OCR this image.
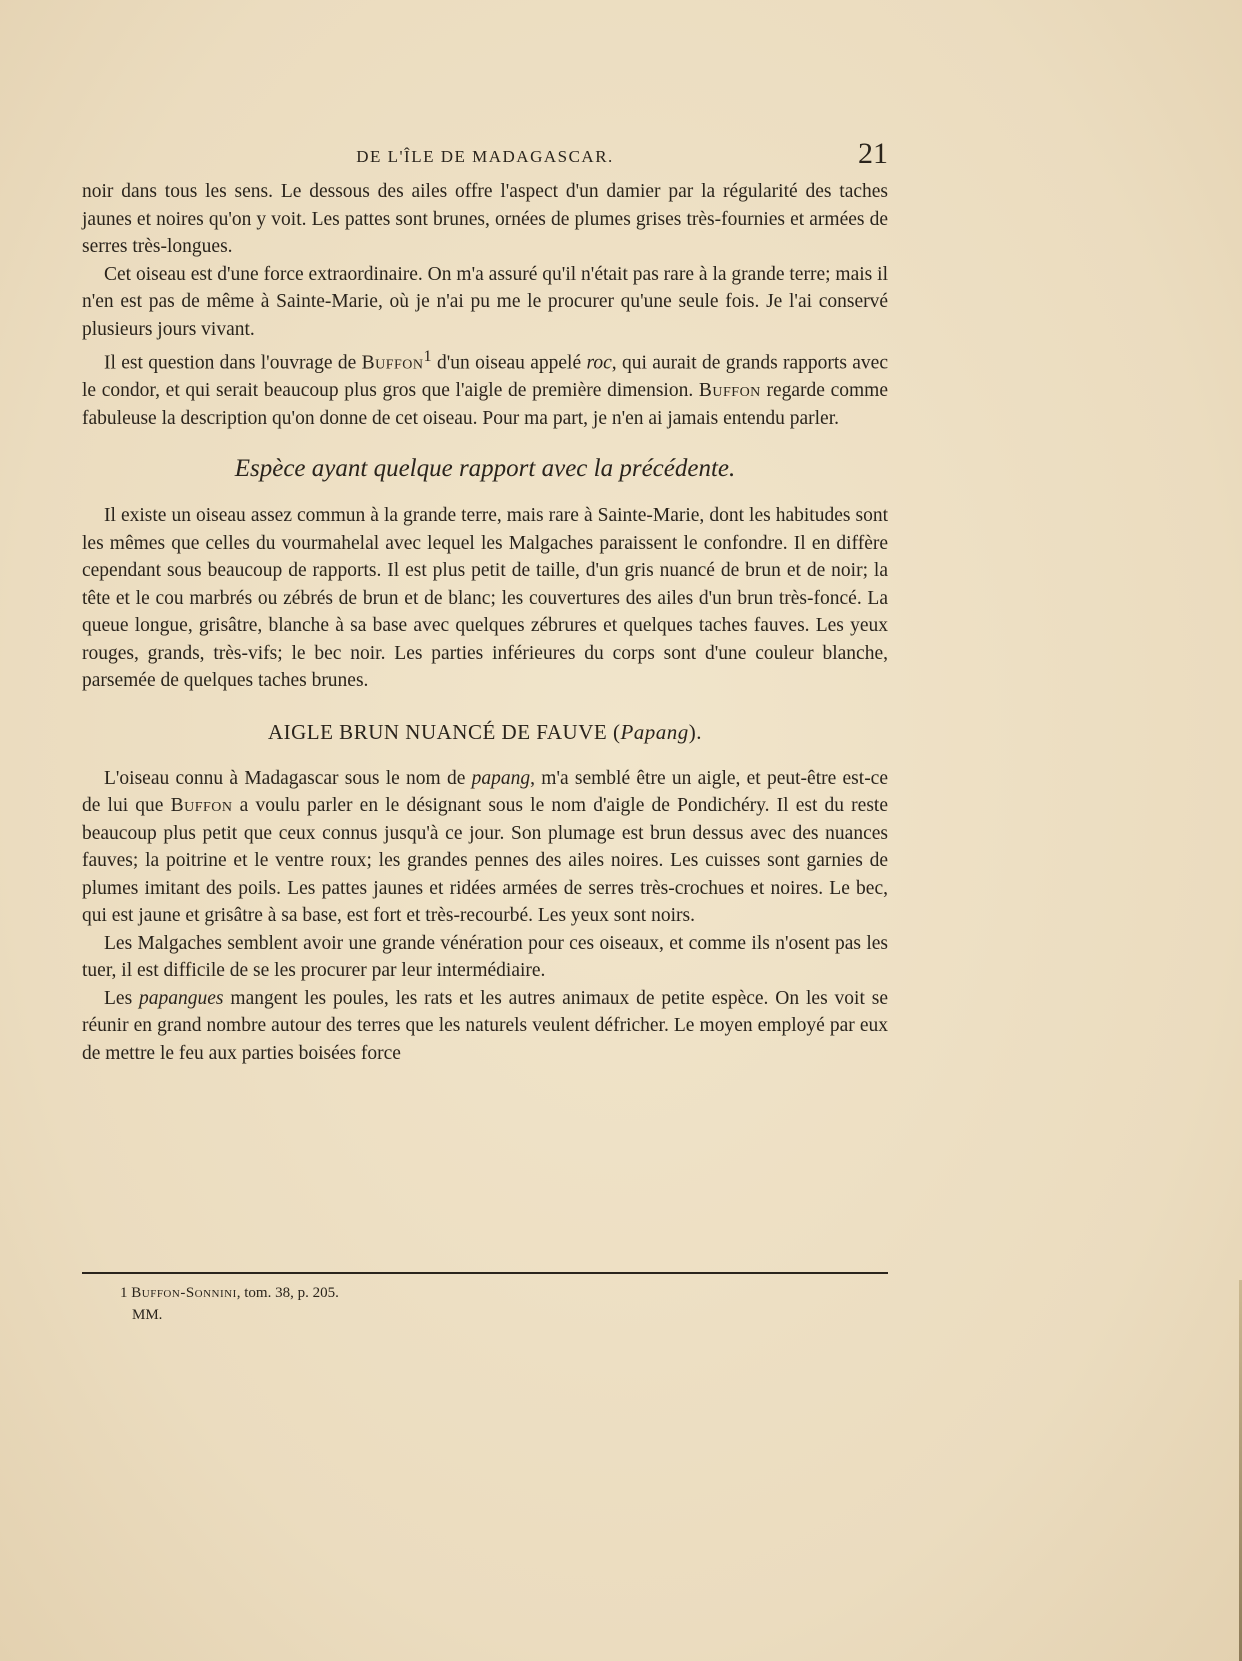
DE L'ÎLE DE MADAGASCAR.	21

noir dans tous les sens. Le dessous des ailes offre l'aspect d'un damier par la régularité des taches jaunes et noires qu'on y voit. Les pattes sont brunes, ornées de plumes grises très-fournies et armées de serres très-longues.

Cet oiseau est d'une force extraordinaire. On m'a assuré qu'il n'était pas rare à la grande terre; mais il n'en est pas de même à Sainte-Marie, où je n'ai pu me le procurer qu'une seule fois. Je l'ai conservé plusieurs jours vivant.

Il est question dans l'ouvrage de Buffon$^1$ d'un oiseau appelé roc, qui aurait de grands rapports avec le condor, et qui serait beaucoup plus gros que l'aigle de première dimension. Buffon regarde comme fabuleuse la description qu'on donne de cet oiseau. Pour ma part, je n'en ai jamais entendu parler.

Espèce ayant quelque rapport avec la précédente.

Il existe un oiseau assez commun à la grande terre, mais rare à Sainte-Marie, dont les habitudes sont les mêmes que celles du vourmahelal avec lequel les Malgaches paraissent le confondre. Il en diffère cependant sous beaucoup de rapports. Il est plus petit de taille, d'un gris nuancé de brun et de noir; la tête et le cou marbrés ou zébrés de brun et de blanc; les couvertures des ailes d'un brun très-foncé. La queue longue, grisâtre, blanche à sa base avec quelques zébrures et quelques taches fauves. Les yeux rouges, grands, très-vifs; le bec noir. Les parties inférieures du corps sont d'une couleur blanche, parsemée de quelques taches brunes.

AIGLE BRUN NUANCÉ DE FAUVE (Papang).

L'oiseau connu à Madagascar sous le nom de papang, m'a semblé être un aigle, et peut-être est-ce de lui que Buffon a voulu parler en le désignant sous le nom d'aigle de Pondichéry. Il est du reste beaucoup plus petit que ceux connus jusqu'à ce jour. Son plumage est brun dessus avec des nuances fauves; la poitrine et le ventre roux; les grandes pennes des ailes noires. Les cuisses sont garnies de plumes imitant des poils. Les pattes jaunes et ridées armées de serres très-crochues et noires. Le bec, qui est jaune et grisâtre à sa base, est fort et très-recourbé. Les yeux sont noirs.

Les Malgaches semblent avoir une grande vénération pour ces oiseaux, et comme ils n'osent pas les tuer, il est difficile de se les procurer par leur intermédiaire.

Les papangues mangent les poules, les rats et les autres animaux de petite espèce. On les voit se réunir en grand nombre autour des terres que les naturels veulent défricher. Le moyen employé par eux de mettre le feu aux parties boisées force

1 Buffon-Sonnini, tom. 38, p. 205.
MM.
